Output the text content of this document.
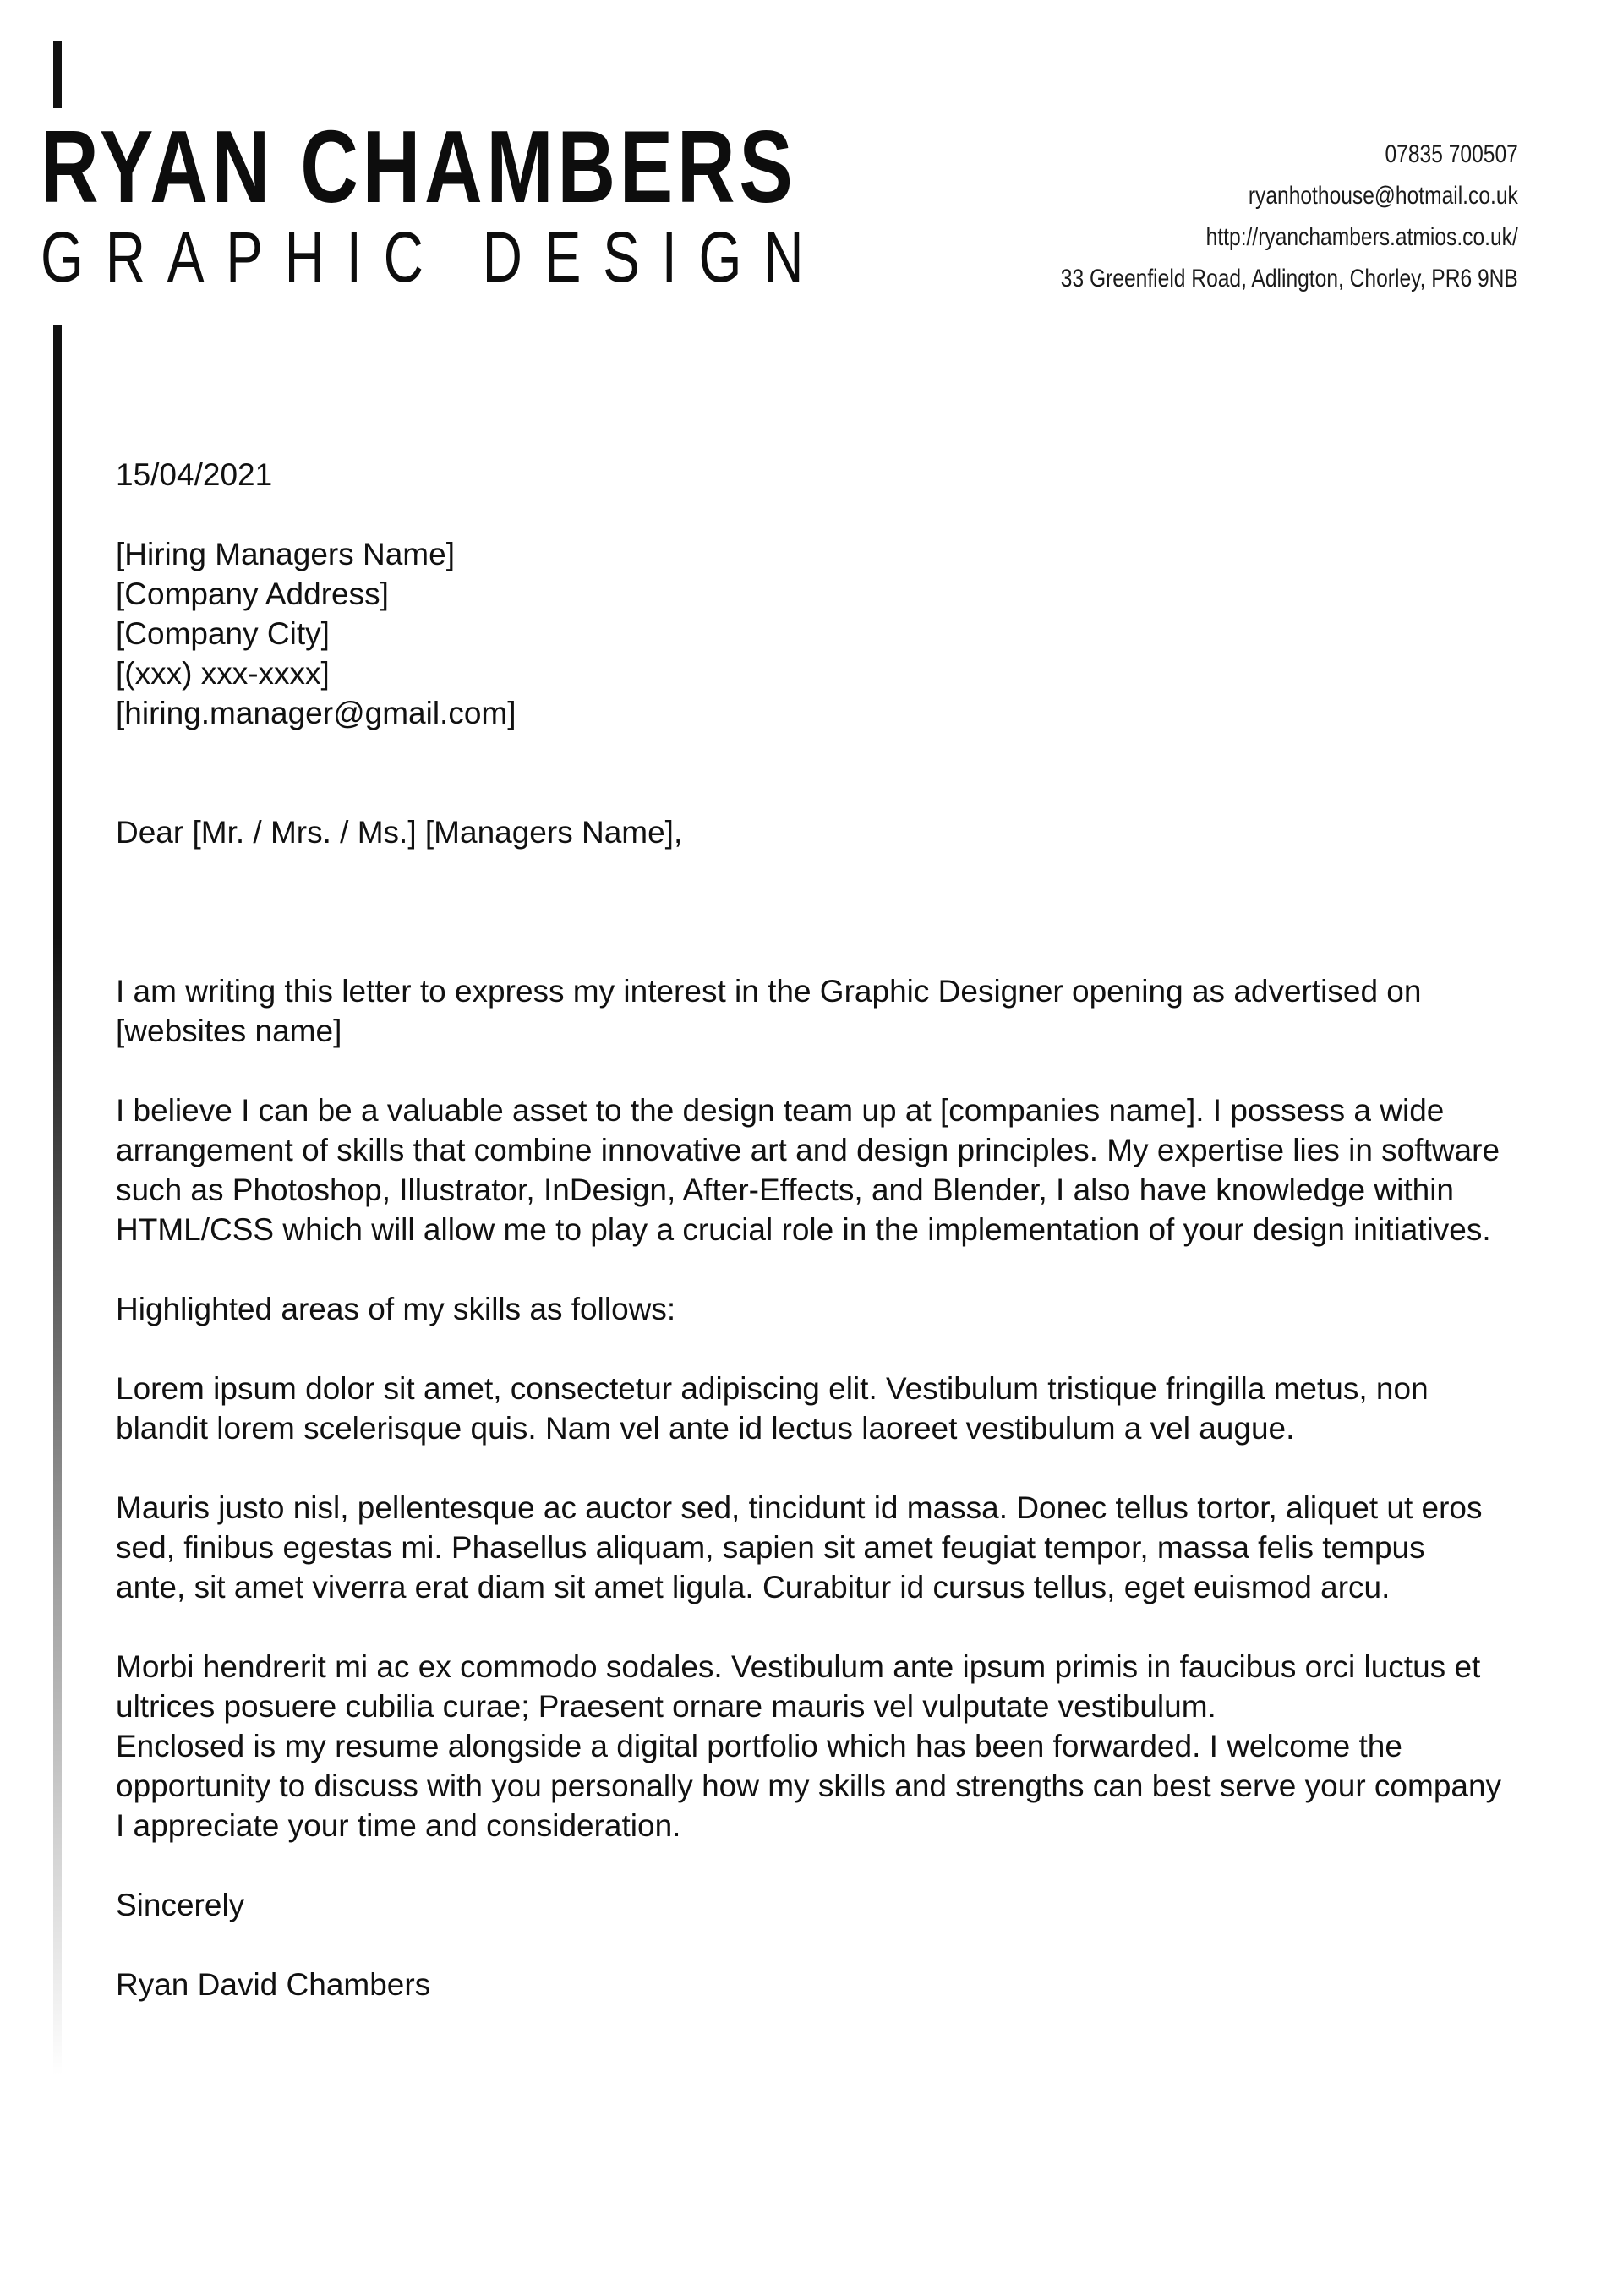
RYAN CHAMBERS
GRAPHIC DESIGN
07835 700507
ryanhothouse@hotmail.co.uk
http://ryanchambers.atmios.co.uk/
33 Greenfield Road, Adlington, Chorley, PR6 9NB

15/04/2021

[Hiring Managers Name]
[Company Address]
[Company City]
[(xxx) xxx-xxxx]
[hiring.manager@gmail.com]

Dear [Mr. / Mrs. / Ms.] [Managers Name],

I am writing this letter to express my interest in the Graphic Designer opening as advertised on [websites name]

I believe I can be a valuable asset to the design team up at [companies name]. I possess a wide arrangement of skills that combine innovative art and design principles. My expertise lies in software such as Photoshop, Illustrator, InDesign, After-Effects, and Blender, I also have knowledge within HTML/CSS which will allow me to play a crucial role in the implementation of your design initiatives.

Highlighted areas of my skills as follows:

Lorem ipsum dolor sit amet, consectetur adipiscing elit. Vestibulum tristique fringilla metus, non blandit lorem scelerisque quis. Nam vel ante id lectus laoreet vestibulum a vel augue.

Mauris justo nisl, pellentesque ac auctor sed, tincidunt id massa. Donec tellus tortor, aliquet ut eros sed, finibus egestas mi. Phasellus aliquam, sapien sit amet feugiat tempor, massa felis tempus ante, sit amet viverra erat diam sit amet ligula. Curabitur id cursus tellus, eget euismod arcu.

Morbi hendrerit mi ac ex commodo sodales. Vestibulum ante ipsum primis in faucibus orci luctus et ultrices posuere cubilia curae; Praesent ornare mauris vel vulputate vestibulum.

Enclosed is my resume alongside a digital portfolio which has been forwarded. I welcome the opportunity to discuss with you personally how my skills and strengths can best serve your company I appreciate your time and consideration.

Sincerely

Ryan David Chambers
